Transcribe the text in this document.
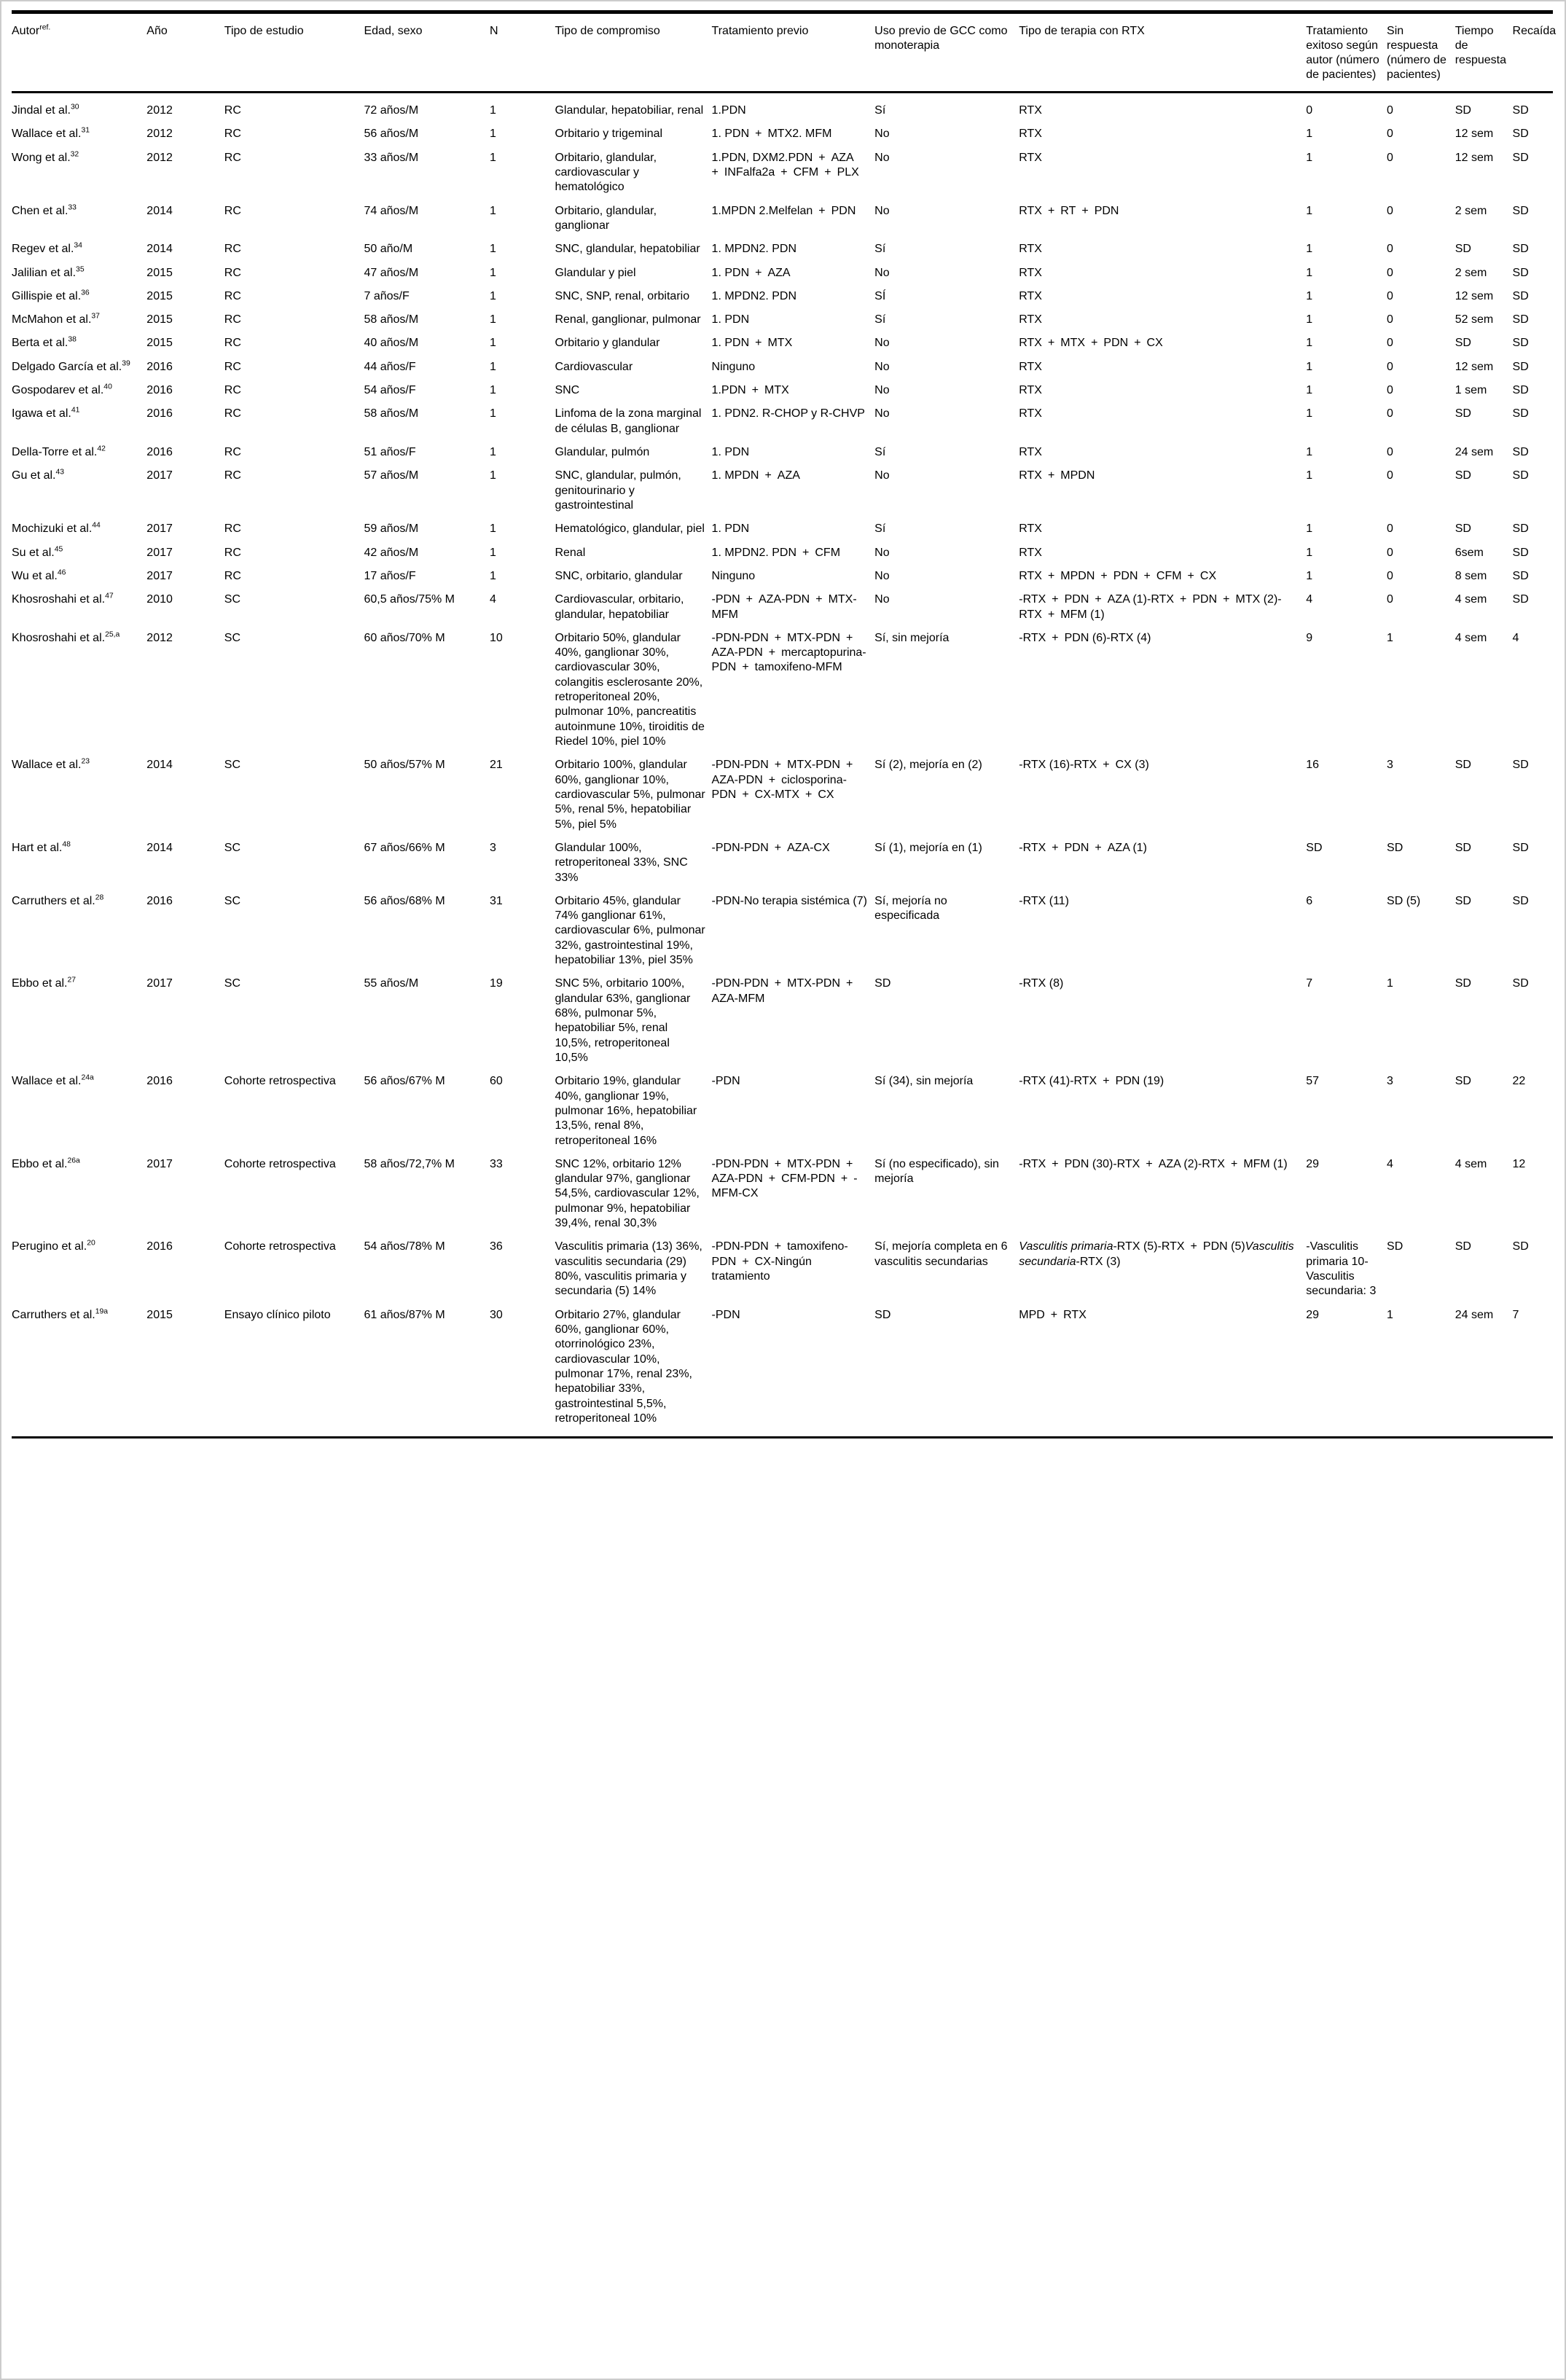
Autor$^{ref.}$	Año	Tipo de estudio	Edad, sexo	N	Tipo de compromiso	Tratamiento previo	Uso previo de GCC como monoterapia	Tipo de terapia con RTX	Tratamiento exitoso según autor (número de pacientes)	Sin respuesta (número de pacientes)	Tiempo de respuesta	Recaída
Jindal et al.$^{30}$	2012	RC	72 años/M	1	Glandular, hepatobiliar, renal	1.PDN	Sí	RTX	0	0	SD	SD
Wallace et al.$^{31}$	2012	RC	56 años/M	1	Orbitario y trigeminal	1. PDN + MTX2. MFM	No	RTX	1	0	12 sem	SD
Wong et al.$^{32}$	2012	RC	33 años/M	1	Orbitario, glandular, cardiovascular y hematológico	1.PDN, DXM2.PDN + AZA + INFalfa2a + CFM + PLX	No	RTX	1	0	12 sem	SD
Chen et al.$^{33}$	2014	RC	74 años/M	1	Orbitario, glandular, ganglionar	1.MPDN 2.Melfelan + PDN	No	RTX + RT + PDN	1	0	2 sem	SD
Regev et al.$^{34}$	2014	RC	50 año/M	1	SNC, glandular, hepatobiliar	1. MPDN2. PDN	Sí	RTX	1	0	SD	SD
Jalilian et al.$^{35}$	2015	RC	47 años/M	1	Glandular y piel	1. PDN + AZA	No	RTX	1	0	2 sem	SD
Gillispie et al.$^{36}$	2015	RC	7 años/F	1	SNC, SNP, renal, orbitario	1. MPDN2. PDN	SÍ	RTX	1	0	12 sem	SD
McMahon et al.$^{37}$	2015	RC	58 años/M	1	Renal, ganglionar, pulmonar	1. PDN	Sí	RTX	1	0	52 sem	SD
Berta et al.$^{38}$	2015	RC	40 años/M	1	Orbitario y glandular	1. PDN + MTX	No	RTX + MTX + PDN + CX	1	0	SD	SD
Delgado García et al.$^{39}$	2016	RC	44 años/F	1	Cardiovascular	Ninguno	No	RTX	1	0	12 sem	SD
Gospodarev et al.$^{40}$	2016	RC	54 años/F	1	SNC	1.PDN + MTX	No	RTX	1	0	1 sem	SD
Igawa et al.$^{41}$	2016	RC	58 años/M	1	Linfoma de la zona marginal de células B, ganglionar	1. PDN2. R-CHOP y R-CHVP	No	RTX	1	0	SD	SD
Della-Torre et al.$^{42}$	2016	RC	51 años/F	1	Glandular, pulmón	1. PDN	Sí	RTX	1	0	24 sem	SD
Gu et al.$^{43}$	2017	RC	57 años/M	1	SNC, glandular, pulmón, genitourinario y gastrointestinal	1. MPDN + AZA	No	RTX + MPDN	1	0	SD	SD
Mochizuki et al.$^{44}$	2017	RC	59 años/M	1	Hematológico, glandular, piel	1. PDN	Sí	RTX	1	0	SD	SD
Su et al.$^{45}$	2017	RC	42 años/M	1	Renal	1. MPDN2. PDN + CFM	No	RTX	1	0	6sem	SD
Wu et al.$^{46}$	2017	RC	17 años/F	1	SNC, orbitario, glandular	Ninguno	No	RTX + MPDN + PDN + CFM + CX	1	0	8 sem	SD
Khosroshahi et al.$^{47}$	2010	SC	60,5 años/75% M	4	Cardiovascular, orbitario, glandular, hepatobiliar	-PDN + AZA-PDN + MTX-MFM	No	-RTX + PDN + AZA (1)-RTX + PDN + MTX (2)-RTX + MFM (1)	4	0	4 sem	SD
Khosroshahi et al.$^{25,a}$	2012	SC	60 años/70% M	10	Orbitario 50%, glandular 40%, ganglionar 30%, cardiovascular 30%, colangitis esclerosante 20%, retroperitoneal 20%, pulmonar 10%, pancreatitis autoinmune 10%, tiroiditis de Riedel 10%, piel 10%	-PDN-PDN + MTX-PDN + AZA-PDN + mercaptopurina-PDN + tamoxifeno-MFM	Sí, sin mejoría	-RTX + PDN (6)-RTX (4)	9	1	4 sem	4
Wallace et al.$^{23}$	2014	SC	50 años/57% M	21	Orbitario 100%, glandular 60%, ganglionar 10%, cardiovascular 5%, pulmonar 5%, renal 5%, hepatobiliar 5%, piel 5%	-PDN-PDN + MTX-PDN + AZA-PDN + ciclosporina-PDN + CX-MTX + CX	Sí (2), mejoría en (2)	-RTX (16)-RTX + CX (3)	16	3	SD	SD
Hart et al.$^{48}$	2014	SC	67 años/66% M	3	Glandular 100%, retroperitoneal 33%, SNC 33%	-PDN-PDN + AZA-CX	Sí (1), mejoría en (1)	-RTX + PDN + AZA (1)	SD	SD	SD	SD
Carruthers et al.$^{28}$	2016	SC	56 años/68% M	31	Orbitario 45%, glandular 74% ganglionar 61%, cardiovascular 6%, pulmonar 32%, gastrointestinal 19%, hepatobiliar 13%, piel 35%	-PDN-No terapia sistémica (7)	Sí, mejoría no especificada	-RTX (11)	6	SD (5)	SD	SD
Ebbo et al.$^{27}$	2017	SC	55 años/M	19	SNC 5%, orbitario 100%, glandular 63%, ganglionar 68%, pulmonar 5%, hepatobiliar 5%, renal 10,5%, retroperitoneal 10,5%	-PDN-PDN + MTX-PDN + AZA-MFM	SD	-RTX (8)	7	1	SD	SD
Wallace et al.$^{24a}$	2016	Cohorte retrospectiva	56 años/67% M	60	Orbitario 19%, glandular 40%, ganglionar 19%, pulmonar 16%, hepatobiliar 13,5%, renal 8%, retroperitoneal 16%	-PDN	Sí (34), sin mejoría	-RTX (41)-RTX + PDN (19)	57	3	SD	22
Ebbo et al.$^{26a}$	2017	Cohorte retrospectiva	58 años/72,7% M	33	SNC 12%, orbitario 12% glandular 97%, ganglionar 54,5%, cardiovascular 12%, pulmonar 9%, hepatobiliar 39,4%, renal 30,3%	-PDN-PDN + MTX-PDN + AZA-PDN + CFM-PDN + -MFM-CX	Sí (no especificado), sin mejoría	-RTX + PDN (30)-RTX + AZA (2)-RTX + MFM (1)	29	4	4 sem	12
Perugino et al.$^{20}$	2016	Cohorte retrospectiva	54 años/78% M	36	Vasculitis primaria (13) 36%, vasculitis secundaria (29) 80%, vasculitis primaria y secundaria (5) 14%	-PDN-PDN + tamoxifeno-PDN + CX-Ningún tratamiento	Sí, mejoría completa en 6 vasculitis secundarias	Vasculitis primaria-RTX (5)-RTX + PDN (5)Vasculitis secundaria-RTX (3)	-Vasculitis primaria 10-Vasculitis secundaria: 3	SD	SD	SD
Carruthers et al.$^{19a}$	2015	Ensayo clínico piloto	61 años/87% M	30	Orbitario 27%, glandular 60%, ganglionar 60%, otorrinológico 23%, cardiovascular 10%, pulmonar 17%, renal 23%, hepatobiliar 33%, gastrointestinal 5,5%, retroperitoneal 10%	-PDN	SD	MPD + RTX	29	1	24 sem	7
